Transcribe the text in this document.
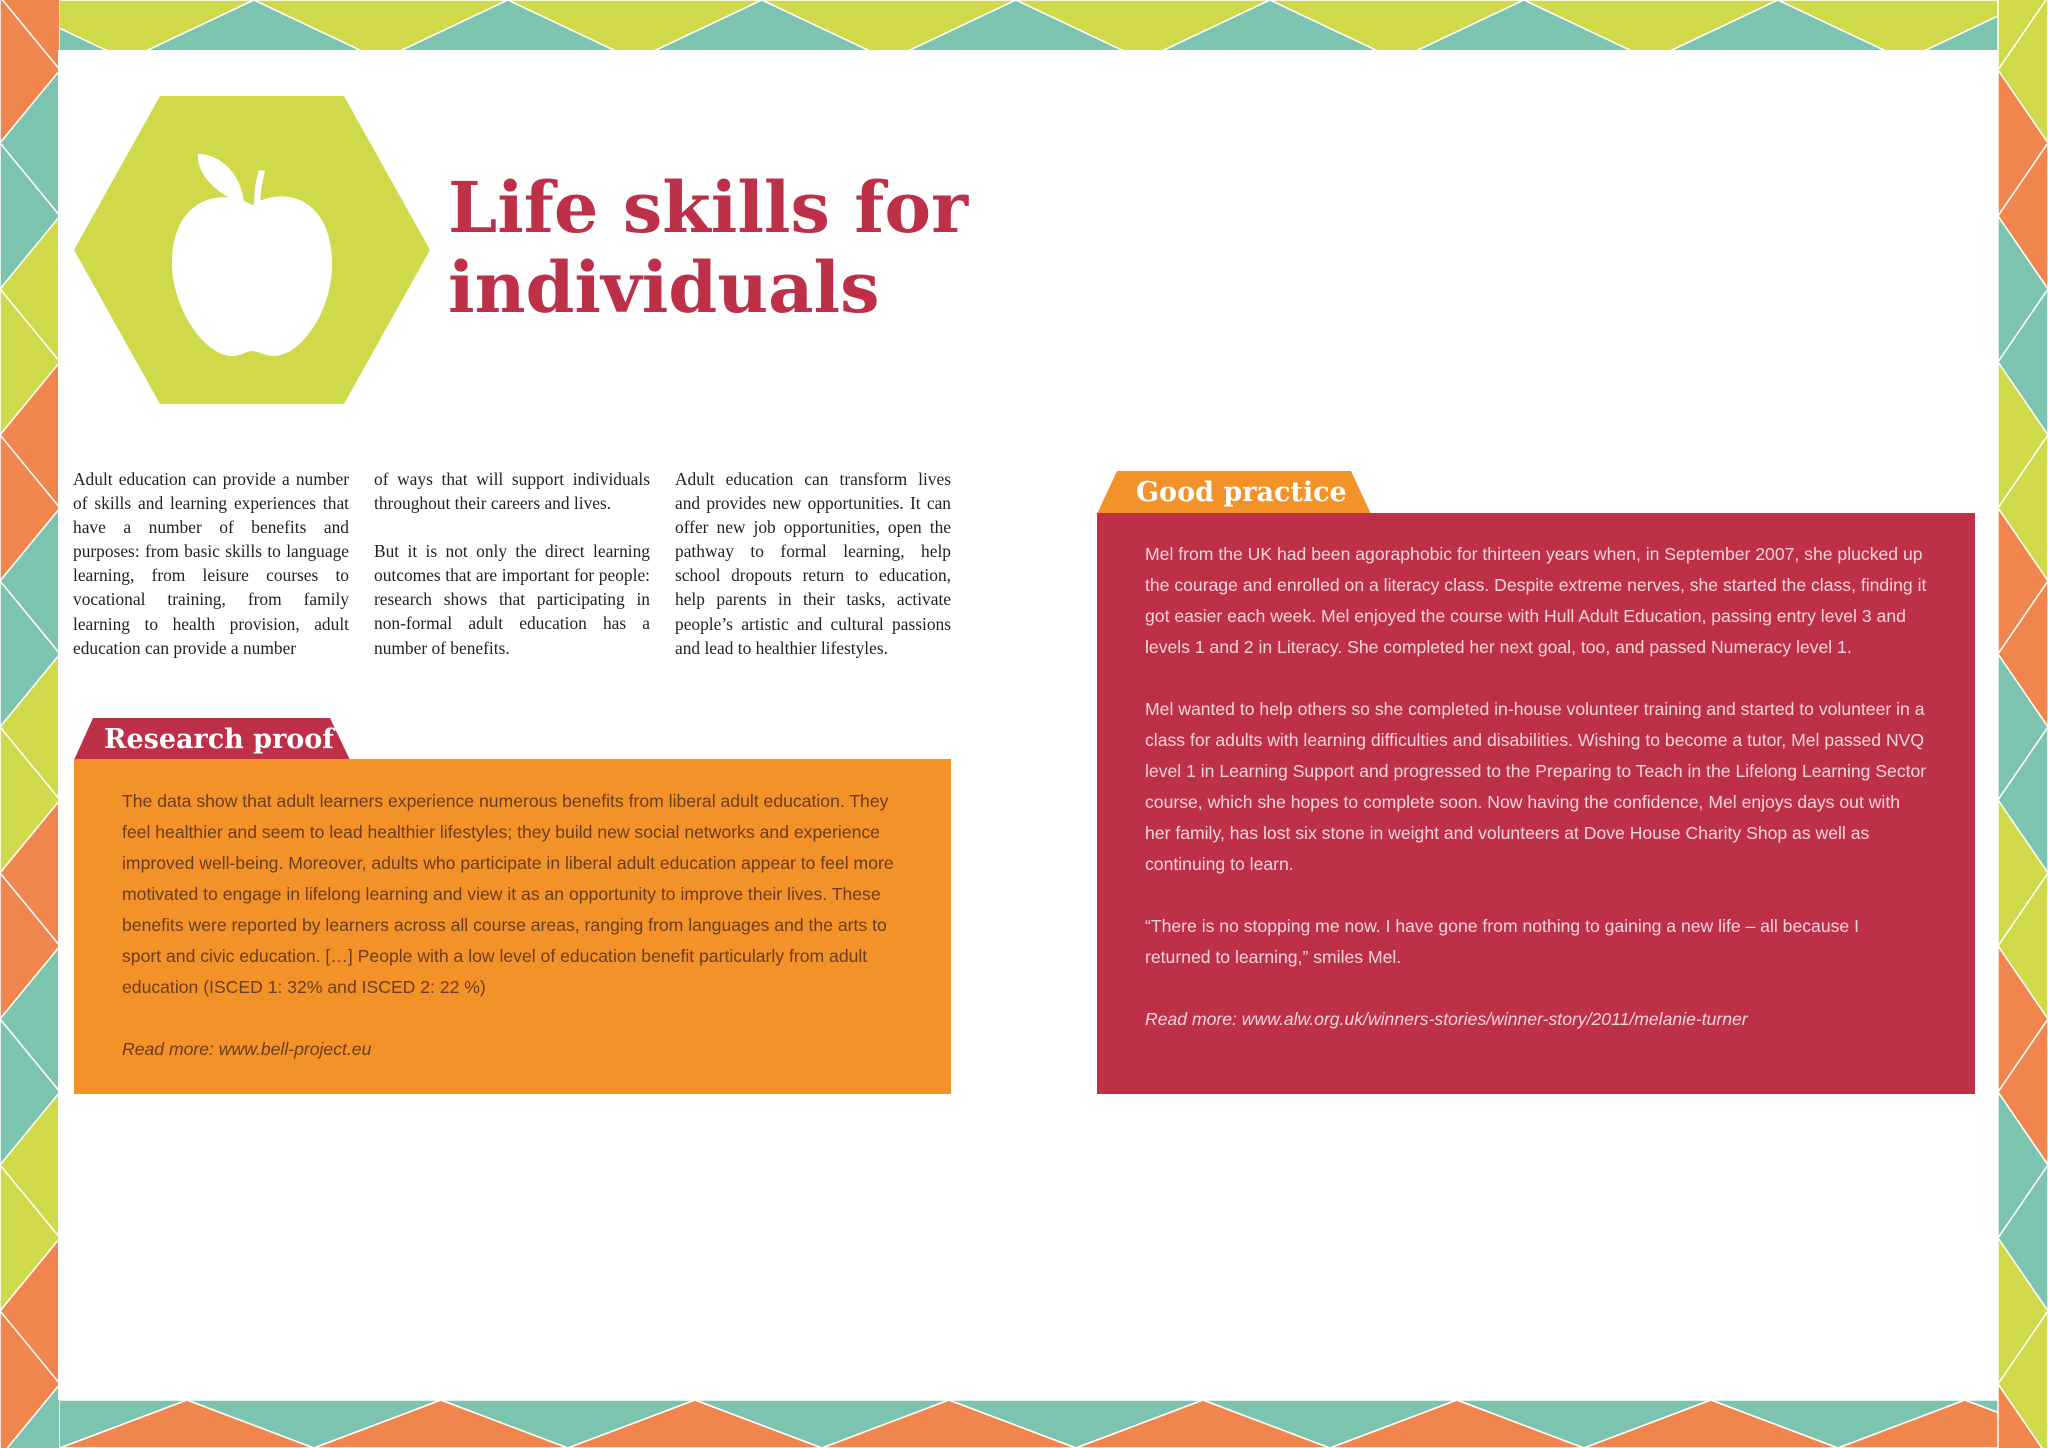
Life skills for
individuals

Adult education can provide a number of skills and learning experiences that have a number of benefits and purposes: from basic skills to language learning, from leisure courses to vocational training, from family learning to health provision, adult education can provide a number

of ways that will support individuals throughout their careers and lives.

But it is not only the direct learning outcomes that are important for people: research shows that participating in non-formal adult education has a number of benefits.

Adult education can transform lives and provides new opportunities. It can offer new job opportunities, open the pathway to formal learning, help school dropouts return to education, help parents in their tasks, activate people’s artistic and cultural passions and lead to healthier lifestyles.

Research proof

The data show that adult learners experience numerous benefits from liberal adult education. They feel healthier and seem to lead healthier lifestyles; they build new social networks and experience improved well-being. Moreover, adults who participate in liberal adult education appear to feel more motivated to engage in lifelong learning and view it as an opportunity to improve their lives. These benefits were reported by learners across all course areas, ranging from languages and the arts to sport and civic education. […] People with a low level of education benefit particularly from adult education (ISCED 1: 32% and ISCED 2: 22 %)

Read more: www.bell-project.eu

Good practice

Mel from the UK had been agoraphobic for thirteen years when, in September 2007, she plucked up the courage and enrolled on a literacy class. Despite extreme nerves, she started the class, finding it got easier each week. Mel enjoyed the course with Hull Adult Education, passing entry level 3 and levels 1 and 2 in Literacy. She completed her next goal, too, and passed Numeracy level 1.

Mel wanted to help others so she completed in-house volunteer training and started to volunteer in a class for adults with learning difficulties and disabilities. Wishing to become a tutor, Mel passed NVQ level 1 in Learning Support and progressed to the Preparing to Teach in the Lifelong Learning Sector course, which she hopes to complete soon. Now having the confidence, Mel enjoys days out with her family, has lost six stone in weight and volunteers at Dove House Charity Shop as well as continuing to learn.

“There is no stopping me now. I have gone from nothing to gaining a new life – all because I returned to learning,” smiles Mel.

Read more: www.alw.org.uk/winners-stories/winner-story/2011/melanie-turner
